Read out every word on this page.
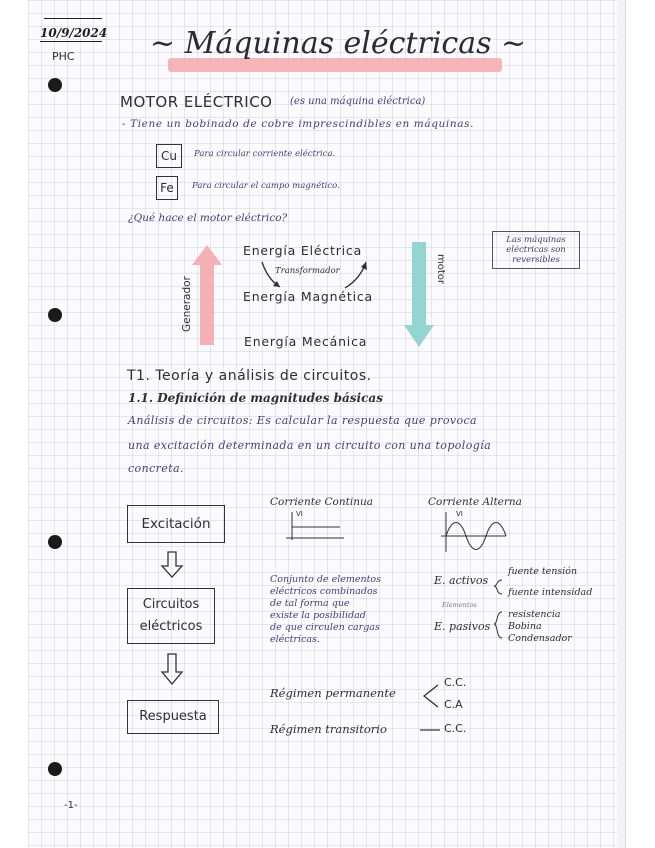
10/9/2024
PHC	~ Máquinas eléctricas ~
MOTOR ELÉCTRICO (es una máquina eléctrica)
- Tiene un bobinado de cobre imprescindibles en máquinas.
Cu	Para circular corriente eléctrica.
Fe	Para circular el campo magnético.
¿Qué hace el motor eléctrico?
Energía Eléctrica
Transformador
Energía Magnética
Energía Mecánica
Generador
motor
Las máquinas
eléctricas son
reversibles
T1. Teoría y análisis de circuitos.
1.1. Definición de magnitudes básicas
Análisis de circuitos: Es calcular la respuesta que provoca
una excitación determinada en un circuito con una topología
concreta.
Excitación
Circuitos
eléctricos
Respuesta
Corriente Continua
VI
Corriente Alterna
VI
Conjunto de elementos
eléctricos combinados
de tal forma que
existe la posibilidad
de que circulen cargas
eléctricas.
E. activos
fuente tensión
fuente intensidad
Elementos
E. pasivos
resistencia
Bobina
Condensador
Régimen permanente
C.C.
C.A
Régimen transitorio	C.C.
-1-
